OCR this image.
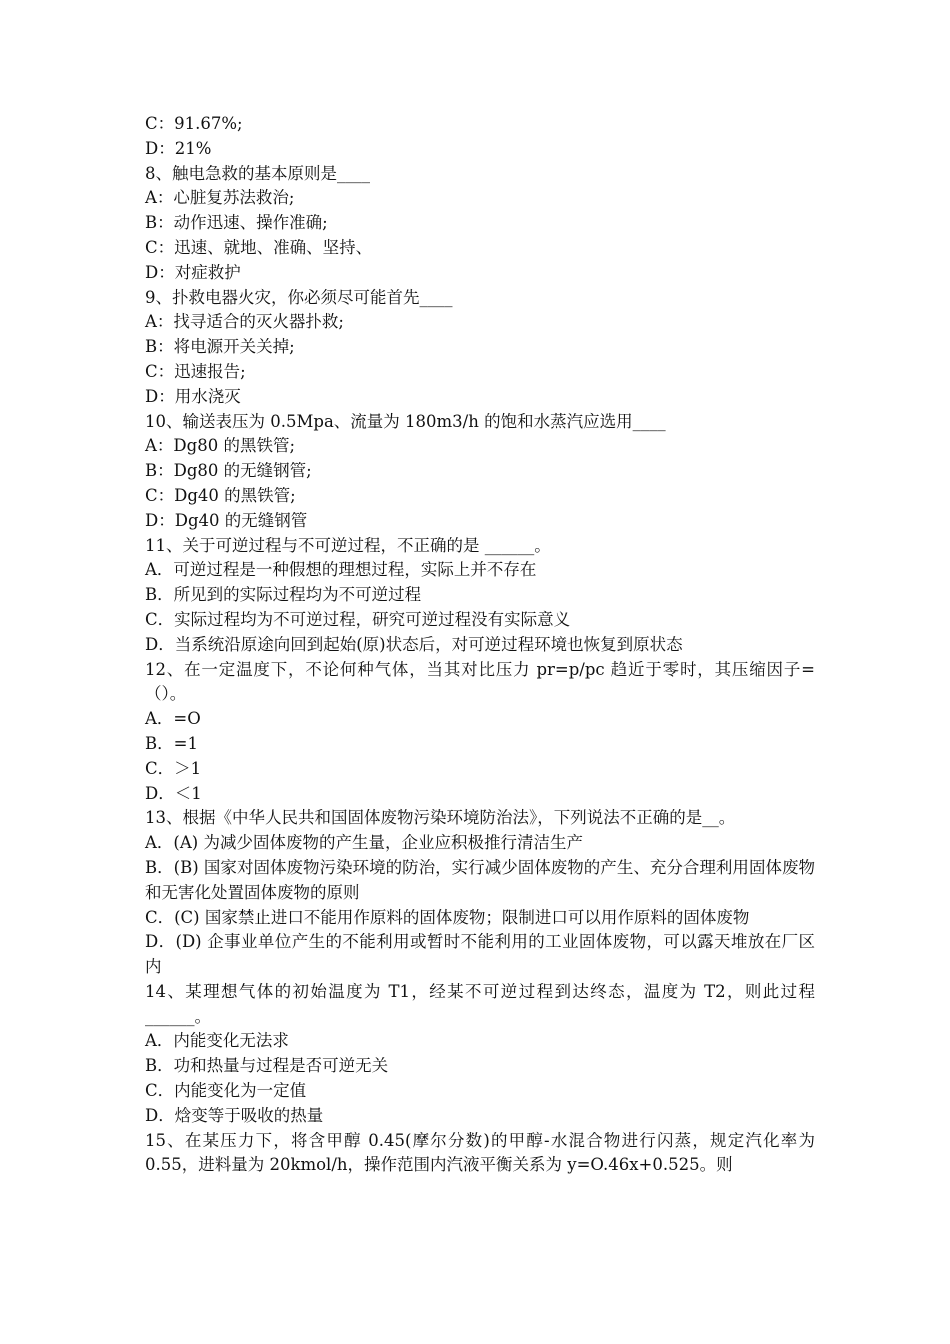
C：91.67%;
D：21%
8、触电急救的基本原则是____
A：心脏复苏法救治;
B：动作迅速、操作准确;
C：迅速、就地、准确、坚持、
D：对症救护
9、扑救电器火灾，你必须尽可能首先____
A：找寻适合的灭火器扑救;
B：将电源开关关掉;
C：迅速报告;
D：用水浇灭
10、输送表压为 0.5Mpa、流量为 180m3/h 的饱和水蒸汽应选用____
A：Dg80 的黑铁管;
B：Dg80 的无缝钢管;
C：Dg40 的黑铁管;
D：Dg40 的无缝钢管
11、关于可逆过程与不可逆过程，不正确的是 ______。
A．可逆过程是一种假想的理想过程，实际上并不存在
B．所见到的实际过程均为不可逆过程
C．实际过程均为不可逆过程，研究可逆过程没有实际意义
D．当系统沿原途向回到起始(原)状态后，对可逆过程环境也恢复到原状态
12、在一定温度下，不论何种气体，当其对比压力 pr=p/pc 趋近于零时，其压缩因子=（）。
A．=O
B．=1
C．＞1
D．＜1
13、根据《中华人民共和国固体废物污染环境防治法》，下列说法不正确的是__。
A．(A) 为减少固体废物的产生量，企业应积极推行清洁生产
B．(B) 国家对固体废物污染环境的防治，实行减少固体废物的产生、充分合理利用固体废物和无害化处置固体废物的原则
C．(C) 国家禁止进口不能用作原料的固体废物；限制进口可以用作原料的固体废物
D．(D) 企事业单位产生的不能利用或暂时不能利用的工业固体废物，可以露天堆放在厂区内
14、某理想气体的初始温度为 T1，经某不可逆过程到达终态，温度为 T2，则此过程______。
A．内能变化无法求
B．功和热量与过程是否可逆无关
C．内能变化为一定值
D．焓变等于吸收的热量
15、在某压力下，将含甲醇 0.45(摩尔分数)的甲醇-水混合物进行闪蒸，规定汽化率为 0.55，进料量为 20kmol/h，操作范围内汽液平衡关系为 y=O.46x+0.525。则
